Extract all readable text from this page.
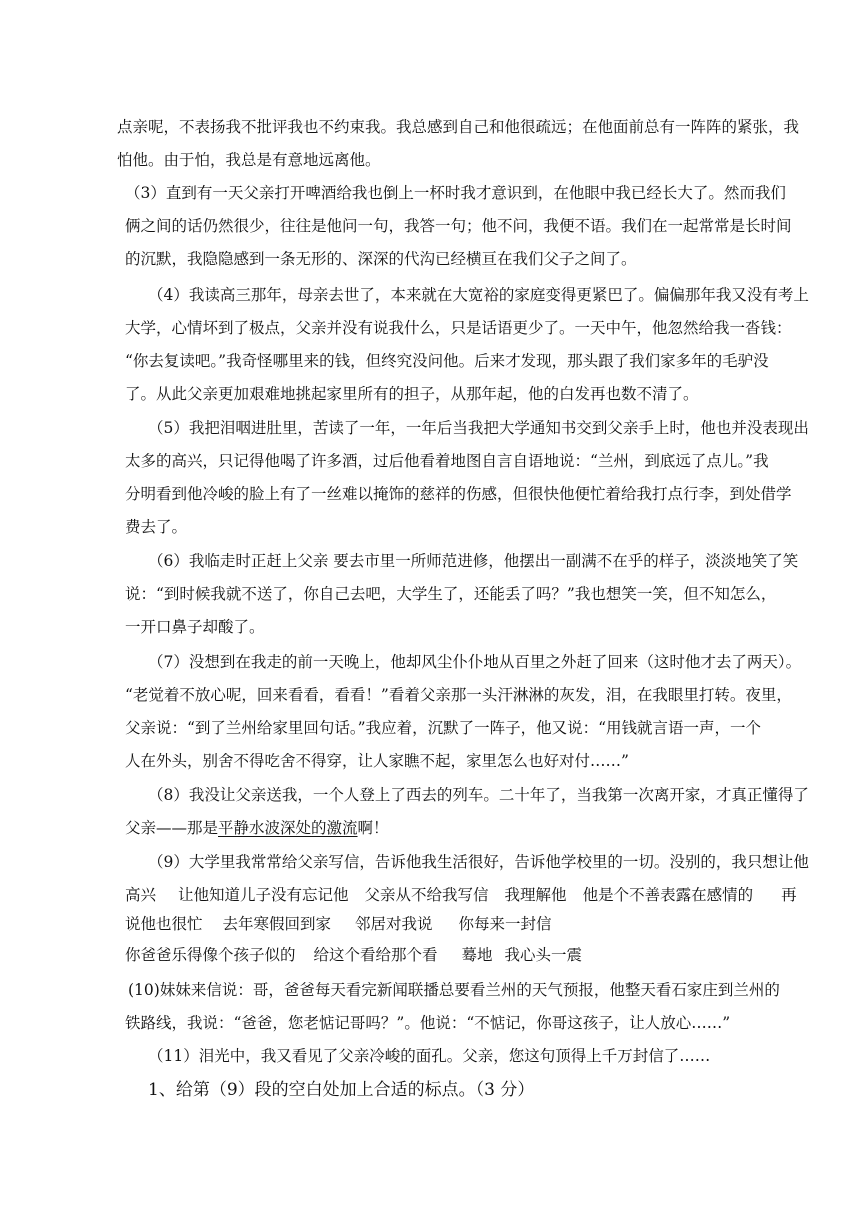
点亲呢，不表扬我不批评我也不约束我。我总感到自己和他很疏远；在他面前总有一阵阵的紧张，我
怕他。由于怕，我总是有意地远离他。
（3）直到有一天父亲打开啤酒给我也倒上一杯时我才意识到，在他眼中我已经长大了。然而我们
俩之间的话仍然很少，往往是他问一句，我答一句；他不问，我便不语。我们在一起常常是长时间
的沉默，我隐隐感到一条无形的、深深的代沟已经横亘在我们父子之间了。
（4）我读高三那年，母亲去世了，本来就在大宽裕的家庭变得更紧巴了。偏偏那年我又没有考上
大学，心情坏到了极点，父亲并没有说我什么，只是话语更少了。一天中午，他忽然给我一沓钱：
“你去复读吧。”我奇怪哪里来的钱，但终究没问他。后来才发现，那头跟了我们家多年的毛驴没
了。从此父亲更加艰难地挑起家里所有的担子，从那年起，他的白发再也数不清了。
（5）我把泪咽进肚里，苦读了一年，一年后当我把大学通知书交到父亲手上时，他也并没表现出
太多的高兴，只记得他喝了许多酒，过后他看着地图自言自语地说：“兰州，到底远了点儿。”我
分明看到他冷峻的脸上有了一丝难以掩饰的慈祥的伤感，但很快他便忙着给我打点行李，到处借学
费去了。
（6）我临走时正赶上父亲 要去市里一所师范进修，他摆出一副满不在乎的样子，淡淡地笑了笑
说：“到时候我就不送了，你自己去吧，大学生了，还能丢了吗？”我也想笑一笑，但不知怎么，
一开口鼻子却酸了。
（7）没想到在我走的前一天晚上，他却风尘仆仆地从百里之外赶了回来（这时他才去了两天）。
“老觉着不放心呢，回来看看，看看！”看着父亲那一头汗淋淋的灰发，泪，在我眼里打转。夜里，
父亲说：“到了兰州给家里回句话。”我应着，沉默了一阵子，他又说：“用钱就言语一声，一个
人在外头，别舍不得吃舍不得穿，让人家瞧不起，家里怎么也好对付……”
（8）我没让父亲送我，一个人登上了西去的列车。二十年了，当我第一次离开家，才真正懂得了
父亲——那是平静水波深处的激流啊！
（9）大学里我常常给父亲写信，告诉他我生活很好，告诉他学校里的一切。没别的，我只想让他
高兴 让他知道儿子没有忘记他 父亲从不给我写信 我理解他 他是个不善表露在感情的 再
说他也很忙 去年寒假回到家 邻居对我说 你每来一封信
你爸爸乐得像个孩子似的 给这个看给那个看 蓦地 我心头一震
(10)妹妹来信说：哥，爸爸每天看完新闻联播总要看兰州的天气预报，他整天看石家庄到兰州的
铁路线，我说：“爸爸，您老惦记哥吗？”。他说：“不惦记，你哥这孩子，让人放心……”
（11）泪光中，我又看见了父亲冷峻的面孔。父亲，您这句顶得上千万封信了……
1、给第（9）段的空白处加上合适的标点。（3 分）
